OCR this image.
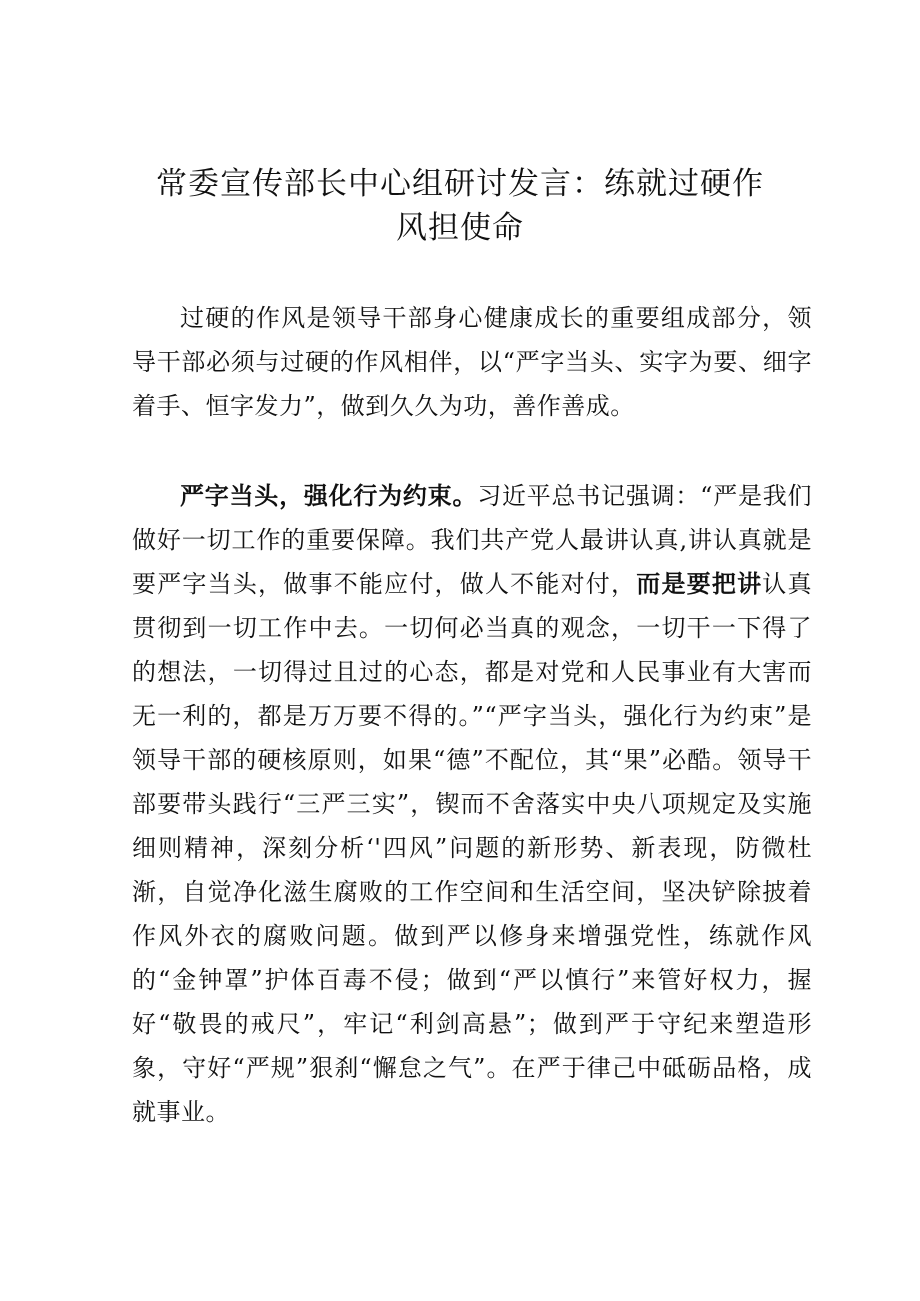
常委宣传部长中心组研讨发言：练就过硬作
风担使命

过硬的作风是领导干部身心健康成长的重要组成部分，领导干部必须与过硬的作风相伴，以“严字当头、实字为要、细字着手、恒字发力”，做到久久为功，善作善成。

严字当头，强化行为约束。习近平总书记强调：“严是我们做好一切工作的重要保障。我们共产党人最讲认真,讲认真就是要严字当头，做事不能应付，做人不能对付，而是要把讲认真贯彻到一切工作中去。一切何必当真的观念，一切干一下得了的想法，一切得过且过的心态，都是对党和人民事业有大害而无一利的，都是万万要不得的。”“严字当头，强化行为约束”是领导干部的硬核原则，如果“德”不配位，其“果”必酷。领导干部要带头践行“三严三实”，锲而不舍落实中央八项规定及实施细则精神，深刻分析‘'四风”问题的新形势、新表现，防微杜渐，自觉净化滋生腐败的工作空间和生活空间，坚决铲除披着作风外衣的腐败问题。做到严以修身来增强党性，练就作风的“金钟罩”护体百毒不侵；做到“严以慎行”来管好权力，握好“敬畏的戒尺”，牢记“利剑高悬”；做到严于守纪来塑造形象，守好“严规”狠刹“懈怠之气”。在严于律己中砥砺品格，成就事业。
